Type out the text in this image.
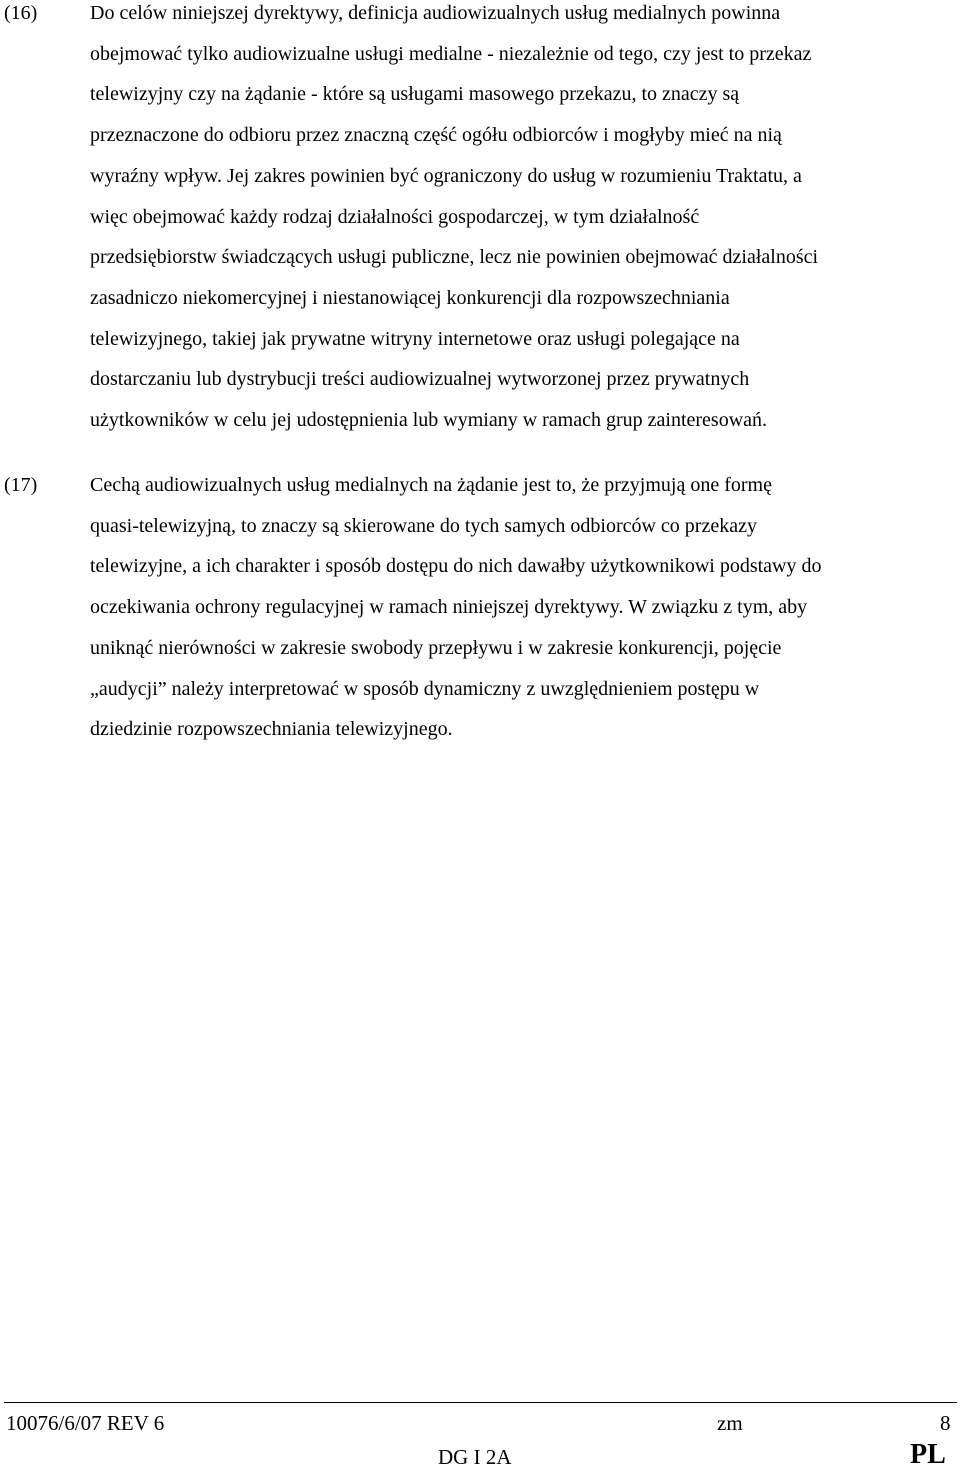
(16)	Do celów niniejszej dyrektywy, definicja audiowizualnych usług medialnych powinna
obejmować tylko audiowizualne usługi medialne - niezależnie od tego, czy jest to przekaz
telewizyjny czy na żądanie - które są usługami masowego przekazu, to znaczy są
przeznaczone do odbioru przez znaczną część ogółu odbiorców i mogłyby mieć na nią
wyraźny wpływ. Jej zakres powinien być ograniczony do usług w rozumieniu Traktatu, a
więc obejmować każdy rodzaj działalności gospodarczej, w tym działalność
przedsiębiorstw świadczących usługi publiczne, lecz nie powinien obejmować działalności
zasadniczo niekomercyjnej i niestanowiącej konkurencji dla rozpowszechniania
telewizyjnego, takiej jak prywatne witryny internetowe oraz usługi polegające na
dostarczaniu lub dystrybucji treści audiowizualnej wytworzonej przez prywatnych
użytkowników w celu jej udostępnienia lub wymiany w ramach grup zainteresowań.
(17)	Cechą audiowizualnych usług medialnych na żądanie jest to, że przyjmują one formę
quasi-telewizyjną, to znaczy są skierowane do tych samych odbiorców co przekazy
telewizyjne, a ich charakter i sposób dostępu do nich dawałby użytkownikowi podstawy do
oczekiwania ochrony regulacyjnej w ramach niniejszej dyrektywy. W związku z tym, aby
uniknąć nierówności w zakresie swobody przepływu i w zakresie konkurencji, pojęcie
„audycji” należy interpretować w sposób dynamiczny z uwzględnieniem postępu w
dziedzinie rozpowszechniania telewizyjnego.
10076/6/07 REV 6	zm	8
DG I 2A	PL
